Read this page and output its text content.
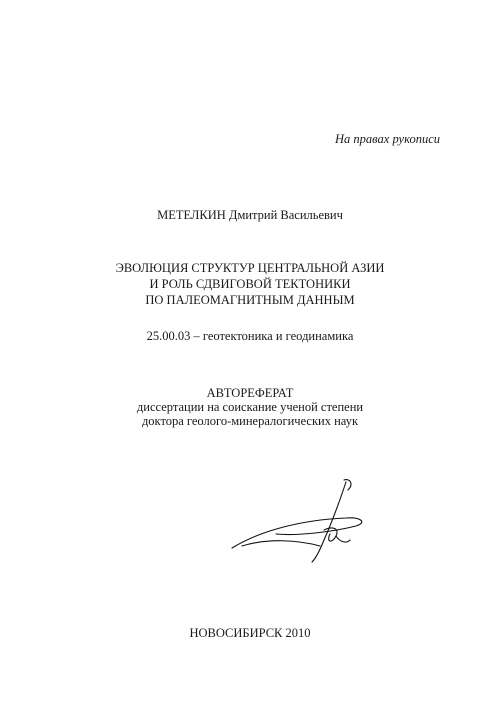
На правах рукописи
МЕТЕЛКИН Дмитрий Васильевич
ЭВОЛЮЦИЯ СТРУКТУР ЦЕНТРАЛЬНОЙ АЗИИ
И РОЛЬ СДВИГОВОЙ ТЕКТОНИКИ
ПО ПАЛЕОМАГНИТНЫМ ДАННЫМ
25.00.03 – геотектоника и геодинамика
АВТОРЕФЕРАТ
диссертации на соискание ученой степени
доктора геолого-минералогических наук
НОВОСИБИРСК 2010
